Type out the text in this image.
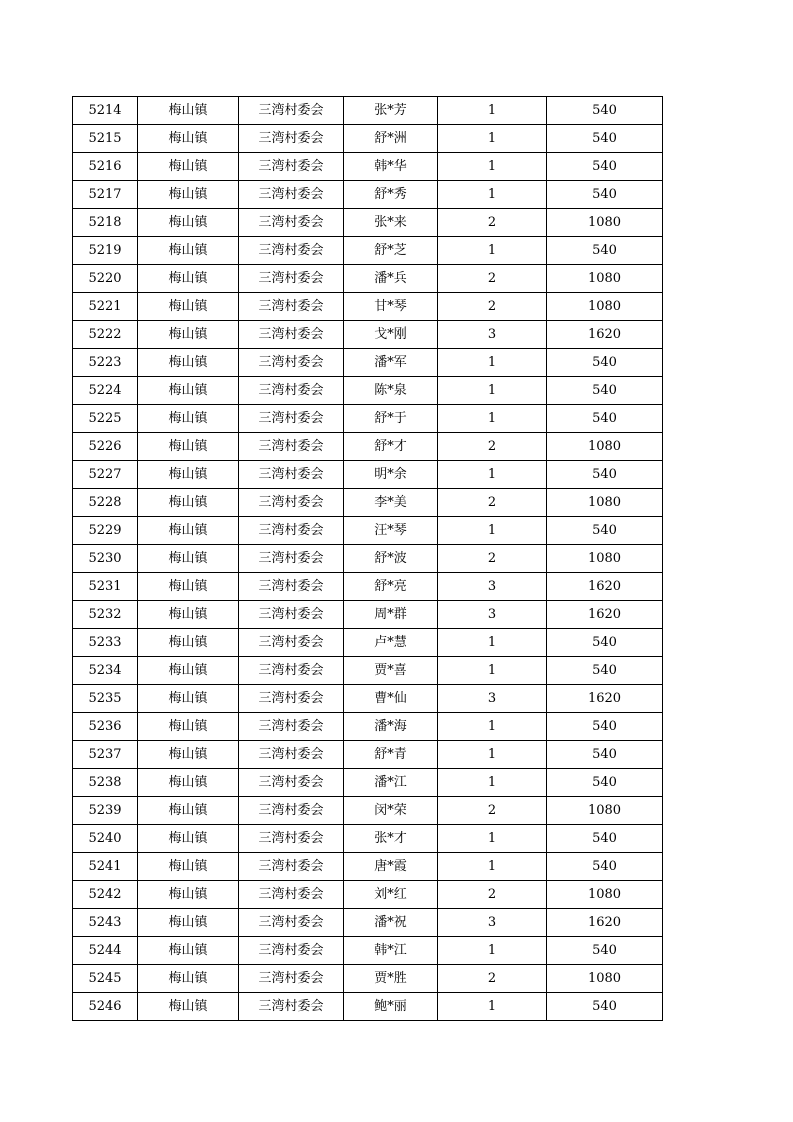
5214	梅山镇	三湾村委会	张*芳	1	540
5215	梅山镇	三湾村委会	舒*洲	1	540
5216	梅山镇	三湾村委会	韩*华	1	540
5217	梅山镇	三湾村委会	舒*秀	1	540
5218	梅山镇	三湾村委会	张*来	2	1080
5219	梅山镇	三湾村委会	舒*芝	1	540
5220	梅山镇	三湾村委会	潘*兵	2	1080
5221	梅山镇	三湾村委会	甘*琴	2	1080
5222	梅山镇	三湾村委会	戈*刚	3	1620
5223	梅山镇	三湾村委会	潘*军	1	540
5224	梅山镇	三湾村委会	陈*泉	1	540
5225	梅山镇	三湾村委会	舒*于	1	540
5226	梅山镇	三湾村委会	舒*才	2	1080
5227	梅山镇	三湾村委会	明*余	1	540
5228	梅山镇	三湾村委会	李*美	2	1080
5229	梅山镇	三湾村委会	汪*琴	1	540
5230	梅山镇	三湾村委会	舒*波	2	1080
5231	梅山镇	三湾村委会	舒*亮	3	1620
5232	梅山镇	三湾村委会	周*群	3	1620
5233	梅山镇	三湾村委会	卢*慧	1	540
5234	梅山镇	三湾村委会	贾*喜	1	540
5235	梅山镇	三湾村委会	曹*仙	3	1620
5236	梅山镇	三湾村委会	潘*海	1	540
5237	梅山镇	三湾村委会	舒*青	1	540
5238	梅山镇	三湾村委会	潘*江	1	540
5239	梅山镇	三湾村委会	闵*荣	2	1080
5240	梅山镇	三湾村委会	张*才	1	540
5241	梅山镇	三湾村委会	唐*霞	1	540
5242	梅山镇	三湾村委会	刘*红	2	1080
5243	梅山镇	三湾村委会	潘*祝	3	1620
5244	梅山镇	三湾村委会	韩*江	1	540
5245	梅山镇	三湾村委会	贾*胜	2	1080
5246	梅山镇	三湾村委会	鲍*丽	1	540
